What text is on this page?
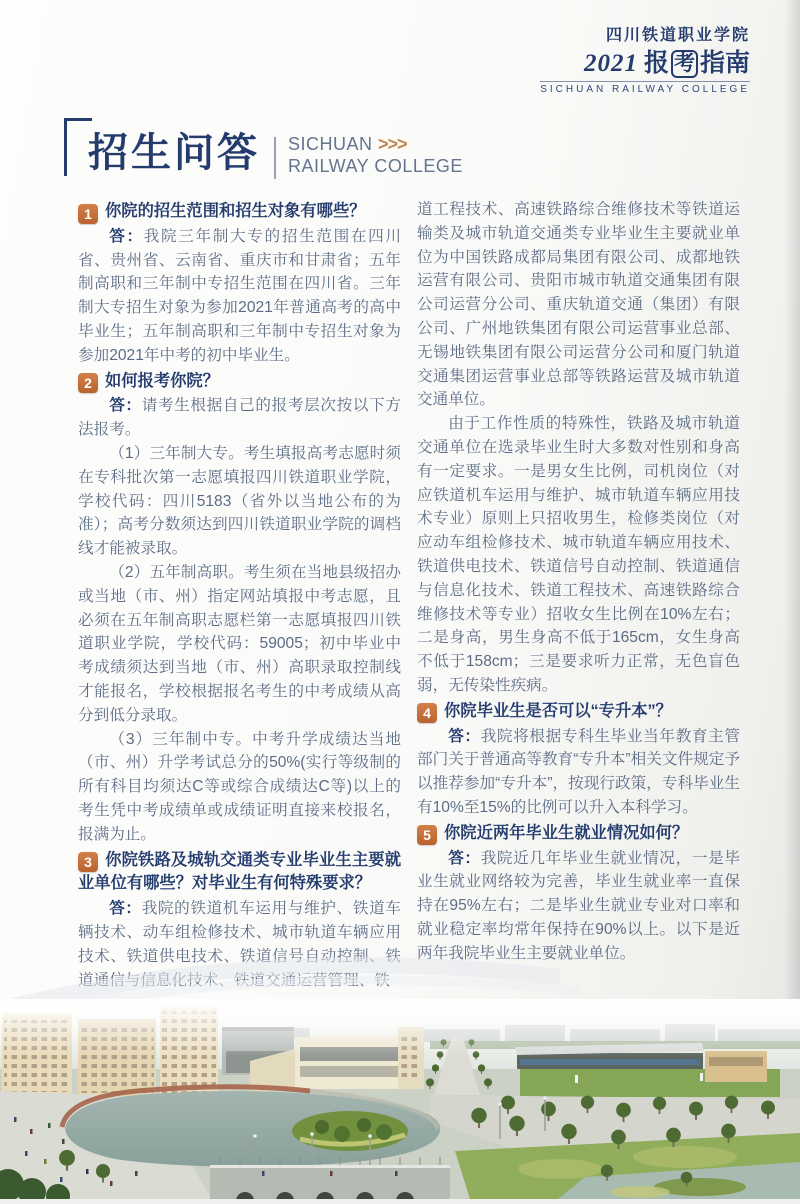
四川铁道职业学院
2021 报 考 指南
SICHUAN RAILWAY COLLEGE
招生问答 SICHUAN >>>
RAILWAY COLLEGE

1 你院的招生范围和招生对象有哪些？

答：我院三年制大专的招生范围在四川省、贵州省、云南省、重庆市和甘肃省；五年制高职和三年制中专招生范围在四川省。三年制大专招生对象为参加2021年普通高考的高中毕业生；五年制高职和三年制中专招生对象为参加2021年中考的初中毕业生。

2 如何报考你院？

答：请考生根据自己的报考层次按以下方法报考。

（1）三年制大专。考生填报高考志愿时须在专科批次第一志愿填报四川铁道职业学院，学校代码：四川5183（省外以当地公布的为准）；高考分数须达到四川铁道职业学院的调档线才能被录取。

（2）五年制高职。考生须在当地县级招办或当地（市、州）指定网站填报中考志愿，且必须在五年制高职志愿栏第一志愿填报四川铁道职业学院，学校代码：59005；初中毕业中考成绩须达到当地（市、州）高职录取控制线才能报名，学校根据报名考生的中考成绩从高分到低分录取。

（3）三年制中专。中考升学成绩达当地（市、州）升学考试总分的50%(实行等级制的所有科目均须达C等或综合成绩达C等)以上的考生凭中考成绩单或成绩证明直接来校报名，报满为止。

3 你院铁路及城轨交通类专业毕业生主要就业单位有哪些？对毕业生有何特殊要求？

答：我院的铁道机车运用与维护、铁道车辆技术、动车组检修技术、城市轨道车辆应用技术、铁道供电技术、铁道信号自动控制、铁道通信与信息化技术、铁道交通运营管理、铁

道工程技术、高速铁路综合维修技术等铁道运输类及城市轨道交通类专业毕业生主要就业单位为中国铁路成都局集团有限公司、成都地铁运营有限公司、贵阳市城市轨道交通集团有限公司运营分公司、重庆轨道交通（集团）有限公司、广州地铁集团有限公司运营事业总部、无锡地铁集团有限公司运营分公司和厦门轨道交通集团运营事业总部等铁路运营及城市轨道交通单位。

由于工作性质的特殊性，铁路及城市轨道交通单位在选录毕业生时大多数对性别和身高有一定要求。一是男女生比例，司机岗位（对应铁道机车运用与维护、城市轨道车辆应用技术专业）原则上只招收男生，检修类岗位（对应动车组检修技术、城市轨道车辆应用技术、铁道供电技术、铁道信号自动控制、铁道通信与信息化技术、铁道工程技术、高速铁路综合维修技术等专业）招收女生比例在10%左右；二是身高，男生身高不低于165cm，女生身高不低于158cm；三是要求听力正常，无色盲色弱，无传染性疾病。

4 你院毕业生是否可以“专升本”？

答：我院将根据专科生毕业当年教育主管部门关于普通高等教育“专升本”相关文件规定予以推荐参加“专升本”，按现行政策，专科毕业生有10%至15%的比例可以升入本科学习。

5 你院近两年毕业生就业情况如何？

答：我院近几年毕业生就业情况，一是毕业生就业网络较为完善，毕业生就业率一直保持在95%左右；二是毕业生就业专业对口率和就业稳定率均常年保持在90%以上。以下是近两年我院毕业生主要就业单位。
